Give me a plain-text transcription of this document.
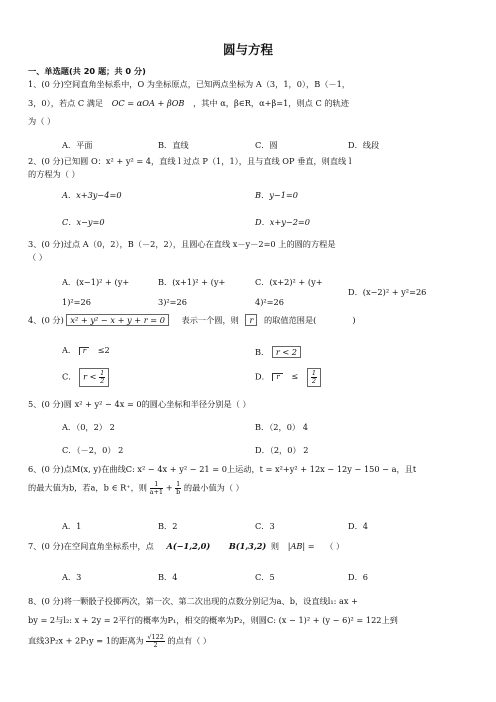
圆与方程
一、单选题(共 20 题；共 0 分)
1、(0 分)空间直角坐标系中，O 为坐标原点，已知两点坐标为 A（3，1，0），B（－1，
3，0），若点 C 满足 OC = αOA + βOB ，其中 α，β∈R，α+β=1，则点 C 的轨迹
为（ ）
A．平面	B．直线	C．圆	D．线段
2、(0 分)已知圆 O：x² + y² = 4，直线 l 过点 P（1，1），且与直线 OP 垂直，则直线 l
的方程为（ ）
A．x+3y−4=0	B．y−1=0
C．x−y=0	D．x+y−2=0
3、(0 分)过点 A（0，2），B（－2，2），且圆心在直线 x－y－2=0 上的圆的方程是
（ ）
A．(x−1)² + (y+
1)²=26
B．(x+1)² + (y+
3)²=26
C．(x+2)² + (y+
4)²=26
D．(x−2)² + y²=26
4、(0 分) x² + y² − x + y + r = 0 表示一个圆，则 r 的取值范围是(	)
A． r ≤2	B． r < 2
C． $r < \frac{1}{2}$	D． $r \le \frac{1}{2}$
5、(0 分)圆 x² + y² − 4x = 0的圆心坐标和半径分别是（ ）
A．（0，2） 2	B．（2，0） 4
C．（－2，0） 2	D．（2，0） 2
6、(0 分)点M(x, y)在曲线C: x² − 4x + y² − 21 = 0上运动，t = x²+y² + 12x − 12y − 150 − a，且t
的最大值为b，若a，b ∈ R⁺，则 $\frac{1}{a+1} + \frac{1}{b}$ 的最小值为（ ）
A．1	B．2	C．3	D．4
7、(0 分)在空间直角坐标系中，点 A(−1,2,0) B(1,3,2) 则 |AB| = （ ）
A．3	B．4	C．5	D．6
8、(0 分)将一颗骰子投掷两次，第一次、第二次出现的点数分别记为a、b，设直线l₁: ax +
by = 2与l₂: x + 2y = 2平行的概率为P₁，相交的概率为P₂，则圆C: (x − 1)² + (y − 6)² = 122上到
直线3P₂x + 2P₁y = 1的距离为 $\frac{√122}{2}$ 的点有（ ）
